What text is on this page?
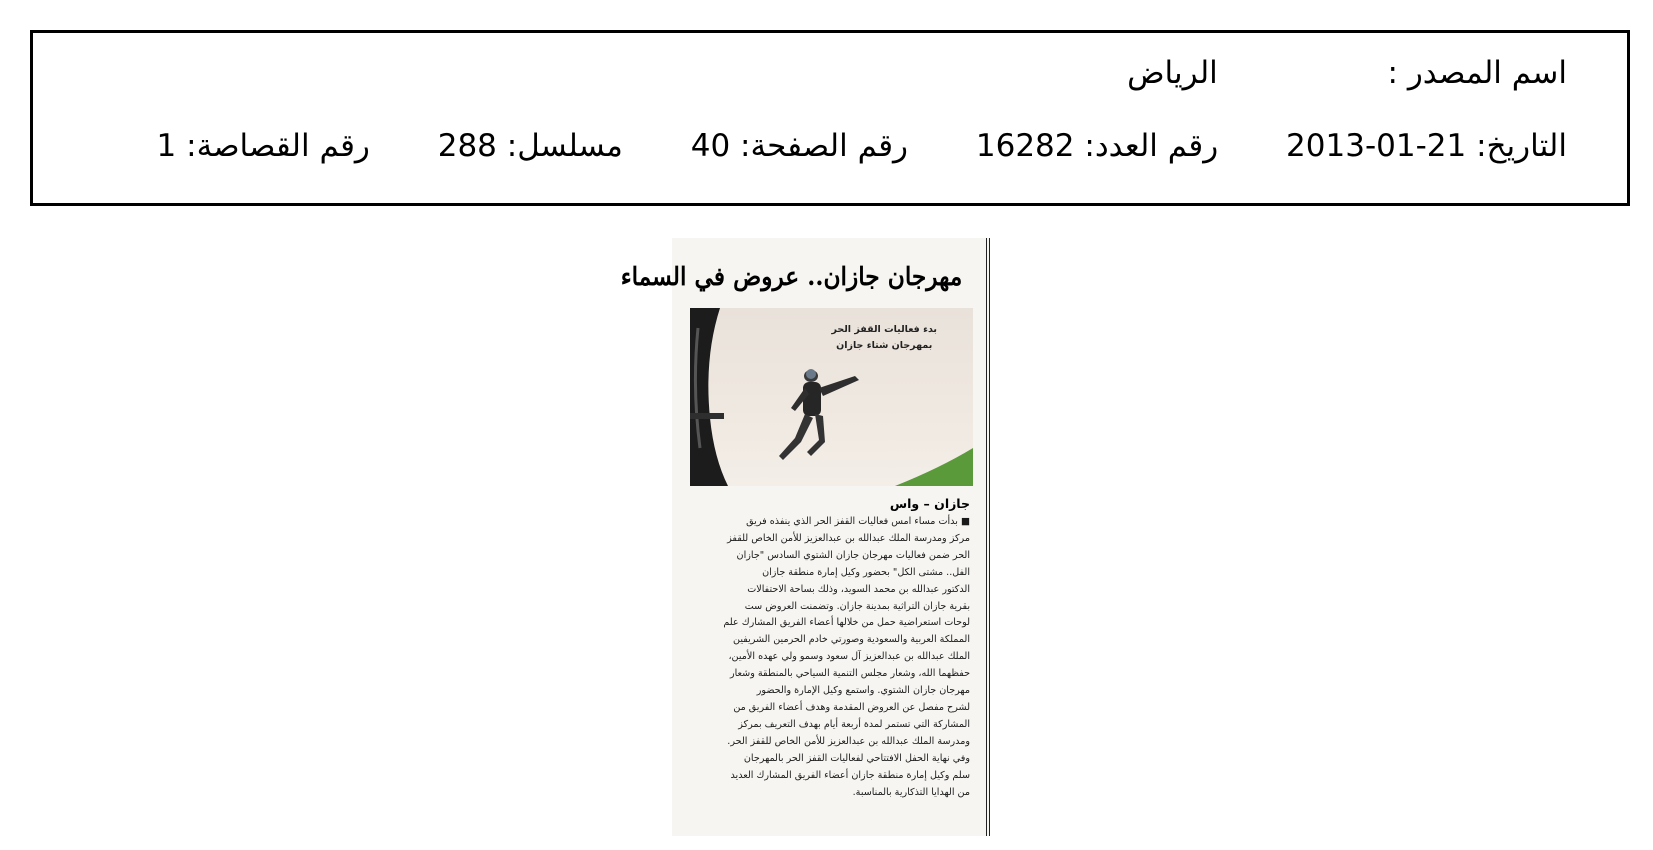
اسم المصدر :  الرياض
التاريخ: 2013-01-21 رقم العدد: 16282 رقم الصفحة: 40 مسلسل: 288 رقم القصاصة: 1
مهرجان جازان.. عروض في السماء
بدء فعاليات القفز الحر
بمهرجان شتاء جازان
جازان – واس
■ بدأت مساء امس فعاليات القفز الحر الذي ينفذه فريق
مركز ومدرسة الملك عبدالله بن عبدالعزيز للأمن الخاص للقفز
الحر ضمن فعاليات مهرجان جازان الشتوي السادس "جازان
الفل.. مشتى الكل" بحضور وكيل إمارة منطقة جازان
الدكتور عبدالله بن محمد السويد، وذلك بساحة الاحتفالات
بقرية جازان التراثية بمدينة جازان. وتضمنت العروض ست
لوحات استعراضية حمل من خلالها أعضاء الفريق المشارك علم
المملكة العربية والسعودية وصورتي خادم الحرمين الشريفين
الملك عبدالله بن عبدالعزيز آل سعود وسمو ولي عهده الأمين،
حفظهما الله، وشعار مجلس التنمية السياحي بالمنطقة وشعار
مهرجان جازان الشتوي. واستمع وكيل الإمارة والحضور
لشرح مفصل عن العروض المقدمة وهدف أعضاء الفريق من
المشاركة التي تستمر لمدة أربعة أيام بهدف التعريف بمركز
ومدرسة الملك عبدالله بن عبدالعزيز للأمن الخاص للقفز الحر.
وفي نهاية الحفل الافتتاحي لفعاليات القفز الحر بالمهرجان
سلم وكيل إمارة منطقة جازان أعضاء الفريق المشارك العديد
من الهدايا التذكارية بالمناسبة.
